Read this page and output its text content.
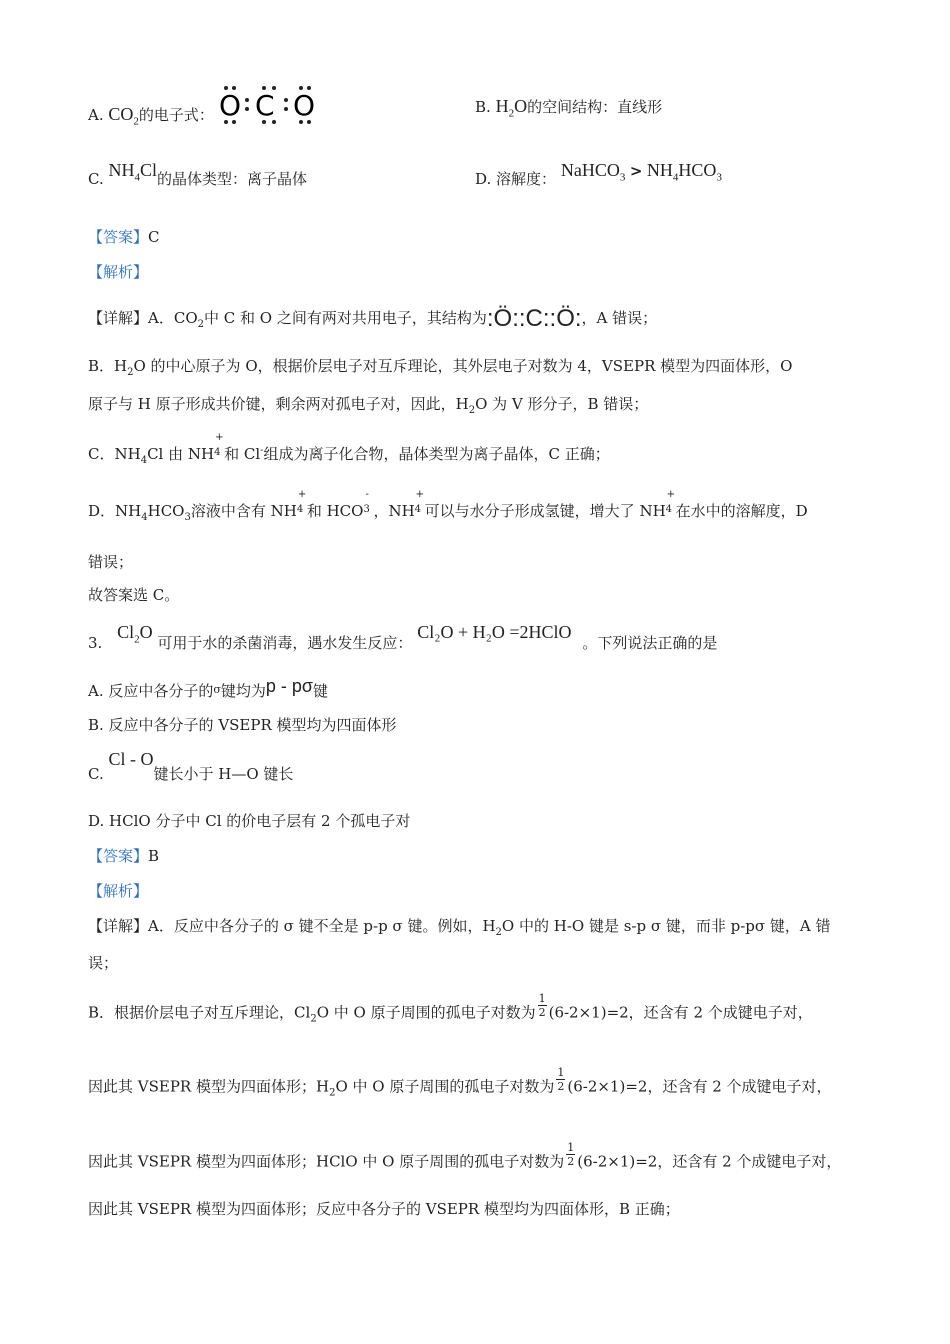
A. $CO_2$的电子式： O C O	B. $H_2O$的空间结构：直线形
C. $NH_4Cl$的晶体类型：离子晶体	D. 溶解度： NaHCO$_3$ > $NH_4HCO_3$
【答案】C
【解析】
【详解】A．$CO_2$中 C 和 O 之间有两对共用电子，其结构为:Ö::C::Ö:，A 错误；
B．$H_2O$ 的中心原子为 O，根据价层电子对互斥理论，其外层电子对数为 4，VSEPR 模型为四面体形，O
原子与 H 原子形成共价键，剩余两对孤电子对，因此，$H_2O$ 为 V 形分子，B 错误；
C．$NH_4Cl$ 由 NH
+
$^4$ 和 Cl-组成为离子化合物，晶体类型为离子晶体，C 正确；
D．$NH_4HCO_3$溶液中含有 NH
+
$^4$ 和 HCO
-
$^3$ ，NH
+
$^4$ 可以与水分子形成氢键，增大了 NH
+
$^4$ 在水中的溶解度，D
错误；
故答案选 C。
3. $Cl_2O$ 可用于水的杀菌消毒，遇水发生反应： Cl₂O + H₂O =2HClO 。下列说法正确的是
A. 反应中各分子的$^\sigma$键均为p - pσ键
B. 反应中各分子的 VSEPR 模型均为四面体形
C. Cl - O键长小于 H—O 键长
D. HClO 分子中 Cl 的价电子层有 2 个孤电子对
【答案】B
【解析】
【详解】A．反应中各分子的 σ 键不全是 p-p σ 键。例如，$H_2O$ 中的 H-O 键是 s-p σ 键，而非 p-pσ 键，A 错
误；
B．根据价层电子对互斥理论，$Cl_2O$ 中 O 原子周围的孤电子对数为 $\frac{1}{2} (6-2\times 1)=2$，还含有 2 个成键电子对，
因此其 VSEPR 模型为四面体形；$H_2O$ 中 O 原子周围的孤电子对数为 $\frac{1}{2} (6-2\times 1)=2$，还含有 2 个成键电子对，
因此其 VSEPR 模型为四面体形；HClO 中 O 原子周围的孤电子对数为 $\frac{1}{2} (6-2\times 1)=2$，还含有 2 个成键电子对，
因此其 VSEPR 模型为四面体形；反应中各分子的 VSEPR 模型均为四面体形，B 正确；
